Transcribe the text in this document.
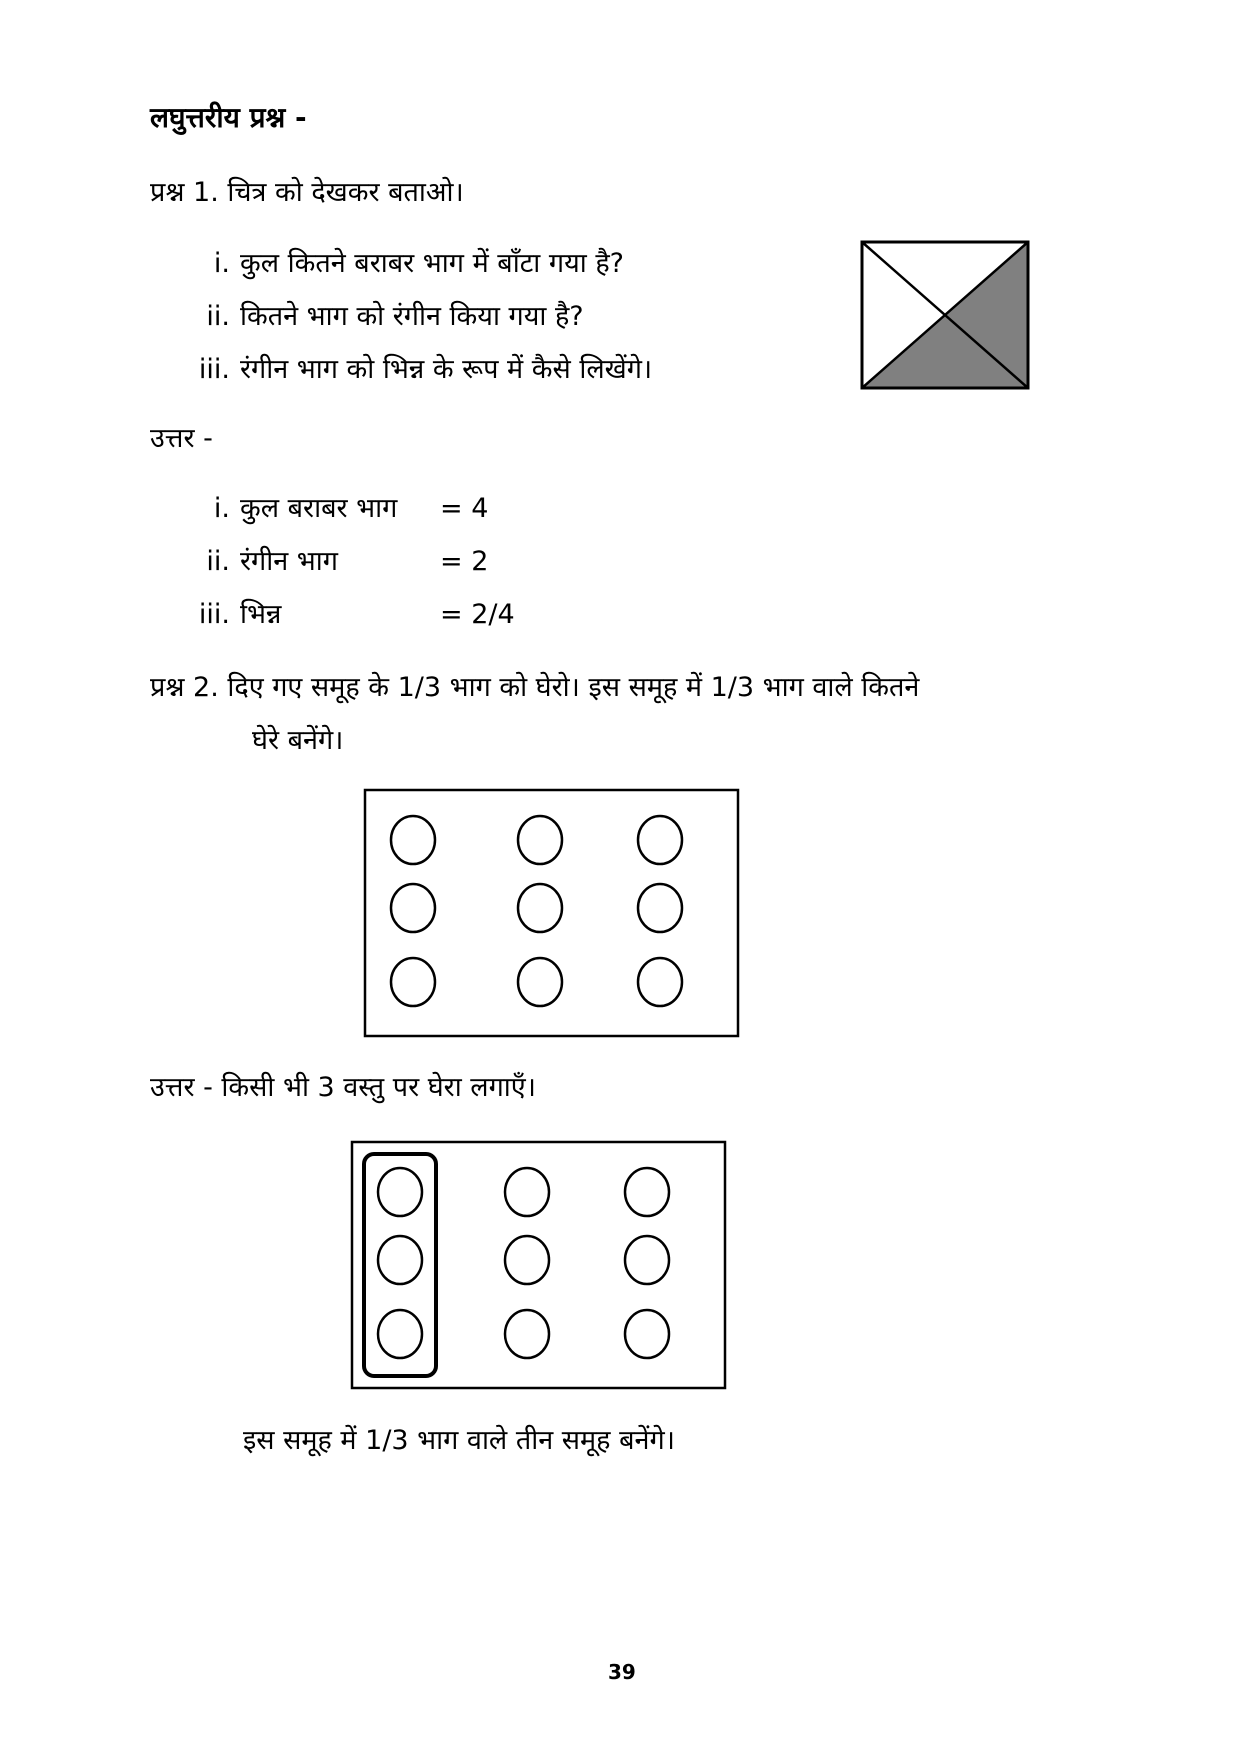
लघुत्तरीय प्रश्न -
प्रश्न 1. चित्र को देखकर बताओ।
i. कुल कितने बराबर भाग में बाँटा गया है?
ii. कितने भाग को रंगीन किया गया है?
iii. रंगीन भाग को भिन्न के रूप में कैसे लिखेंगे।
उत्तर -
i. कुल बराबर भाग = 4
ii. रंगीन भाग	= 2
iii. भिन्न	= 2/4
प्रश्न 2. दिए गए समूह के 1/3 भाग को घेरो। इस समूह में 1/3 भाग वाले कितने
घेरे बनेंगे।
उत्तर - किसी भी 3 वस्तु पर घेरा लगाएँ।
इस समूह में 1/3 भाग वाले तीन समूह बनेंगे।
39
